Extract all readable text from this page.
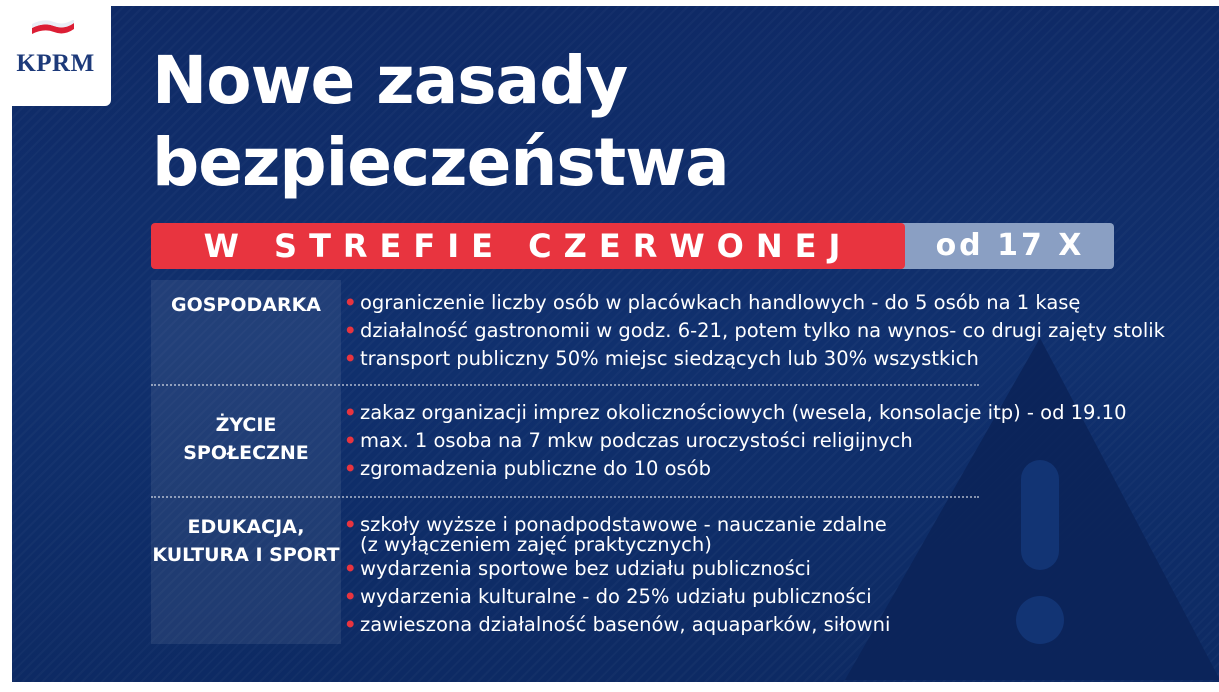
KPRM Nowe zasady
bezpieczeństwa
W STREFIE CZERWONEJ	od 17 X
GOSPODARKA	• ograniczenie liczby osób w placówkach handlowych - do 5 osób na 1 kasę
• działalność gastronomii w godz. 6-21, potem tylko na wynos- co drugi zajęty stolik
• transport publiczny 50% miejsc siedzących lub 30% wszystkich
ŻYCIE
SPOŁECZNE
• zakaz organizacji imprez okolicznościowych (wesela, konsolacje itp) - od 19.10
• max. 1 osoba na 7 mkw podczas uroczystości religijnych
• zgromadzenia publiczne do 10 osób
EDUKACJA,
KULTURA I SPORT
• szkoły wyższe i ponadpodstawowe - nauczanie zdalne
(z wyłączeniem zajęć praktycznych)
• wydarzenia sportowe bez udziału publiczności
• wydarzenia kulturalne - do 25% udziału publiczności
• zawieszona działalność basenów, aquaparków, siłowni
